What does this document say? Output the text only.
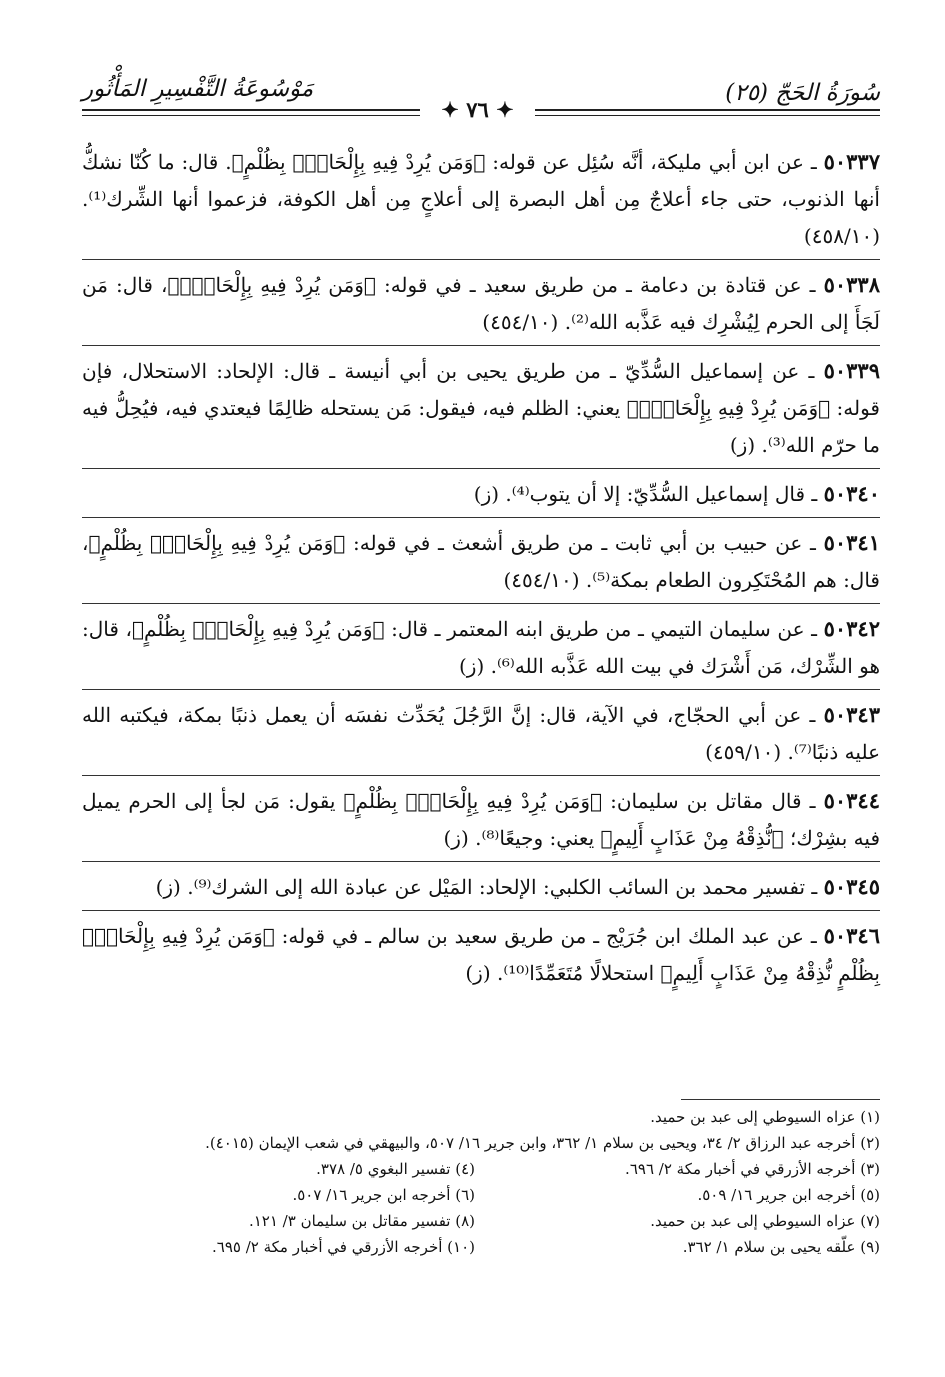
سُورَةُ الحَجّ (٢٥)
مَوْسُوعَةُ التَّفْسِيرِ المَأْثُور
✦ ٧٦ ✦

٥٠٣٣٧ ـ عن ابن أبي مليكة، أنَّه سُئِل عن قوله: ﴿وَمَن يُرِدْ فِيهِ بِإِلْحَادِۭ بِظُلْمٍ﴾. قال: ما كُنّا نشكُّ أنها الذنوب، حتى جاء أعلاجٌ مِن أهل البصرة إلى أعلاجٍ مِن أهل الكوفة، فزعموا أنها الشِّرك⁽¹⁾. (٤٥٨/١٠)

٥٠٣٣٨ ـ عن قتادة بن دعامة ـ من طريق سعيد ـ في قوله: ﴿وَمَن يُرِدْ فِيهِ بِإِلْحَادِۭ﴾، قال: مَن لَجَأَ إلى الحرم لِيُشْرِك فيه عَذَّبه الله⁽²⁾. (٤٥٤/١٠)

٥٠٣٣٩ ـ عن إسماعيل السُّدِّيّ ـ من طريق يحيى بن أبي أنيسة ـ قال: الإلحاد: الاستحلال، فإن قوله: ﴿وَمَن يُرِدْ فِيهِ بِإِلْحَادِۭ﴾ يعني: الظلم فيه، فيقول: مَن يستحله ظالِمًا فيعتدي فيه، فيُحِلُّ فيه ما حرّم الله⁽³⁾. (ز)

٥٠٣٤٠ ـ قال إسماعيل السُّدِّيّ: إلا أن يتوب⁽⁴⁾. (ز)

٥٠٣٤١ ـ عن حبيب بن أبي ثابت ـ من طريق أشعث ـ في قوله: ﴿وَمَن يُرِدْ فِيهِ بِإِلْحَادِۭ بِظُلْمٍ﴾، قال: هم المُحْتَكِرون الطعام بمكة⁽⁵⁾. (٤٥٤/١٠)

٥٠٣٤٢ ـ عن سليمان التيمي ـ من طريق ابنه المعتمر ـ قال: ﴿وَمَن يُرِدْ فِيهِ بِإِلْحَادِۭ بِظُلْمٍ﴾، قال: هو الشِّرْك، مَن أَشْرَك في بيت الله عَذَّبه الله⁽⁶⁾. (ز)

٥٠٣٤٣ ـ عن أبي الحجّاج، في الآية، قال: إنَّ الرَّجُلَ يُحَدِّث نفسَه أن يعمل ذنبًا بمكة، فيكتبه الله عليه ذنبًا⁽⁷⁾. (٤٥٩/١٠)

٥٠٣٤٤ ـ قال مقاتل بن سليمان: ﴿وَمَن يُرِدْ فِيهِ بِإِلْحَادِۭ بِظُلْمٍ﴾ يقول: مَن لجأ إلى الحرم يميل فيه بشِرْك؛ ﴿نُّذِقْهُ مِنْ عَذَابٍ أَلِيمٍ﴾ يعني: وجيعًا⁽⁸⁾. (ز)

٥٠٣٤٥ ـ تفسير محمد بن السائب الكلبي: الإلحاد: المَيْل عن عبادة الله إلى الشرك⁽⁹⁾. (ز)

٥٠٣٤٦ ـ عن عبد الملك ابن جُرَيْج ـ من طريق سعيد بن سالم ـ في قوله: ﴿وَمَن يُرِدْ فِيهِ بِإِلْحَادِۭ بِظُلْمٍ نُّذِقْهُ مِنْ عَذَابٍ أَلِيمٍ﴾ استحلالًا مُتَعَمِّدًا⁽¹⁰⁾. (ز)

(١) عزاه السيوطي إلى عبد بن حميد.

(٢) أخرجه عبد الرزاق ٢/ ٣٤، ويحيى بن سلام ١/ ٣٦٢، وابن جرير ١٦/ ٥٠٧، والبيهقي في شعب الإيمان (٤٠١٥).

(٣) أخرجه الأزرقي في أخبار مكة ٢/ ٦٩٦.

(٤) تفسير البغوي ٥/ ٣٧٨.

(٥) أخرجه ابن جرير ١٦/ ٥٠٩.

(٦) أخرجه ابن جرير ١٦/ ٥٠٧.

(٧) عزاه السيوطي إلى عبد بن حميد.

(٨) تفسير مقاتل بن سليمان ٣/ ١٢١.

(٩) علّقه يحيى بن سلام ١/ ٣٦٢.

(١٠) أخرجه الأزرقي في أخبار مكة ٢/ ٦٩٥.
